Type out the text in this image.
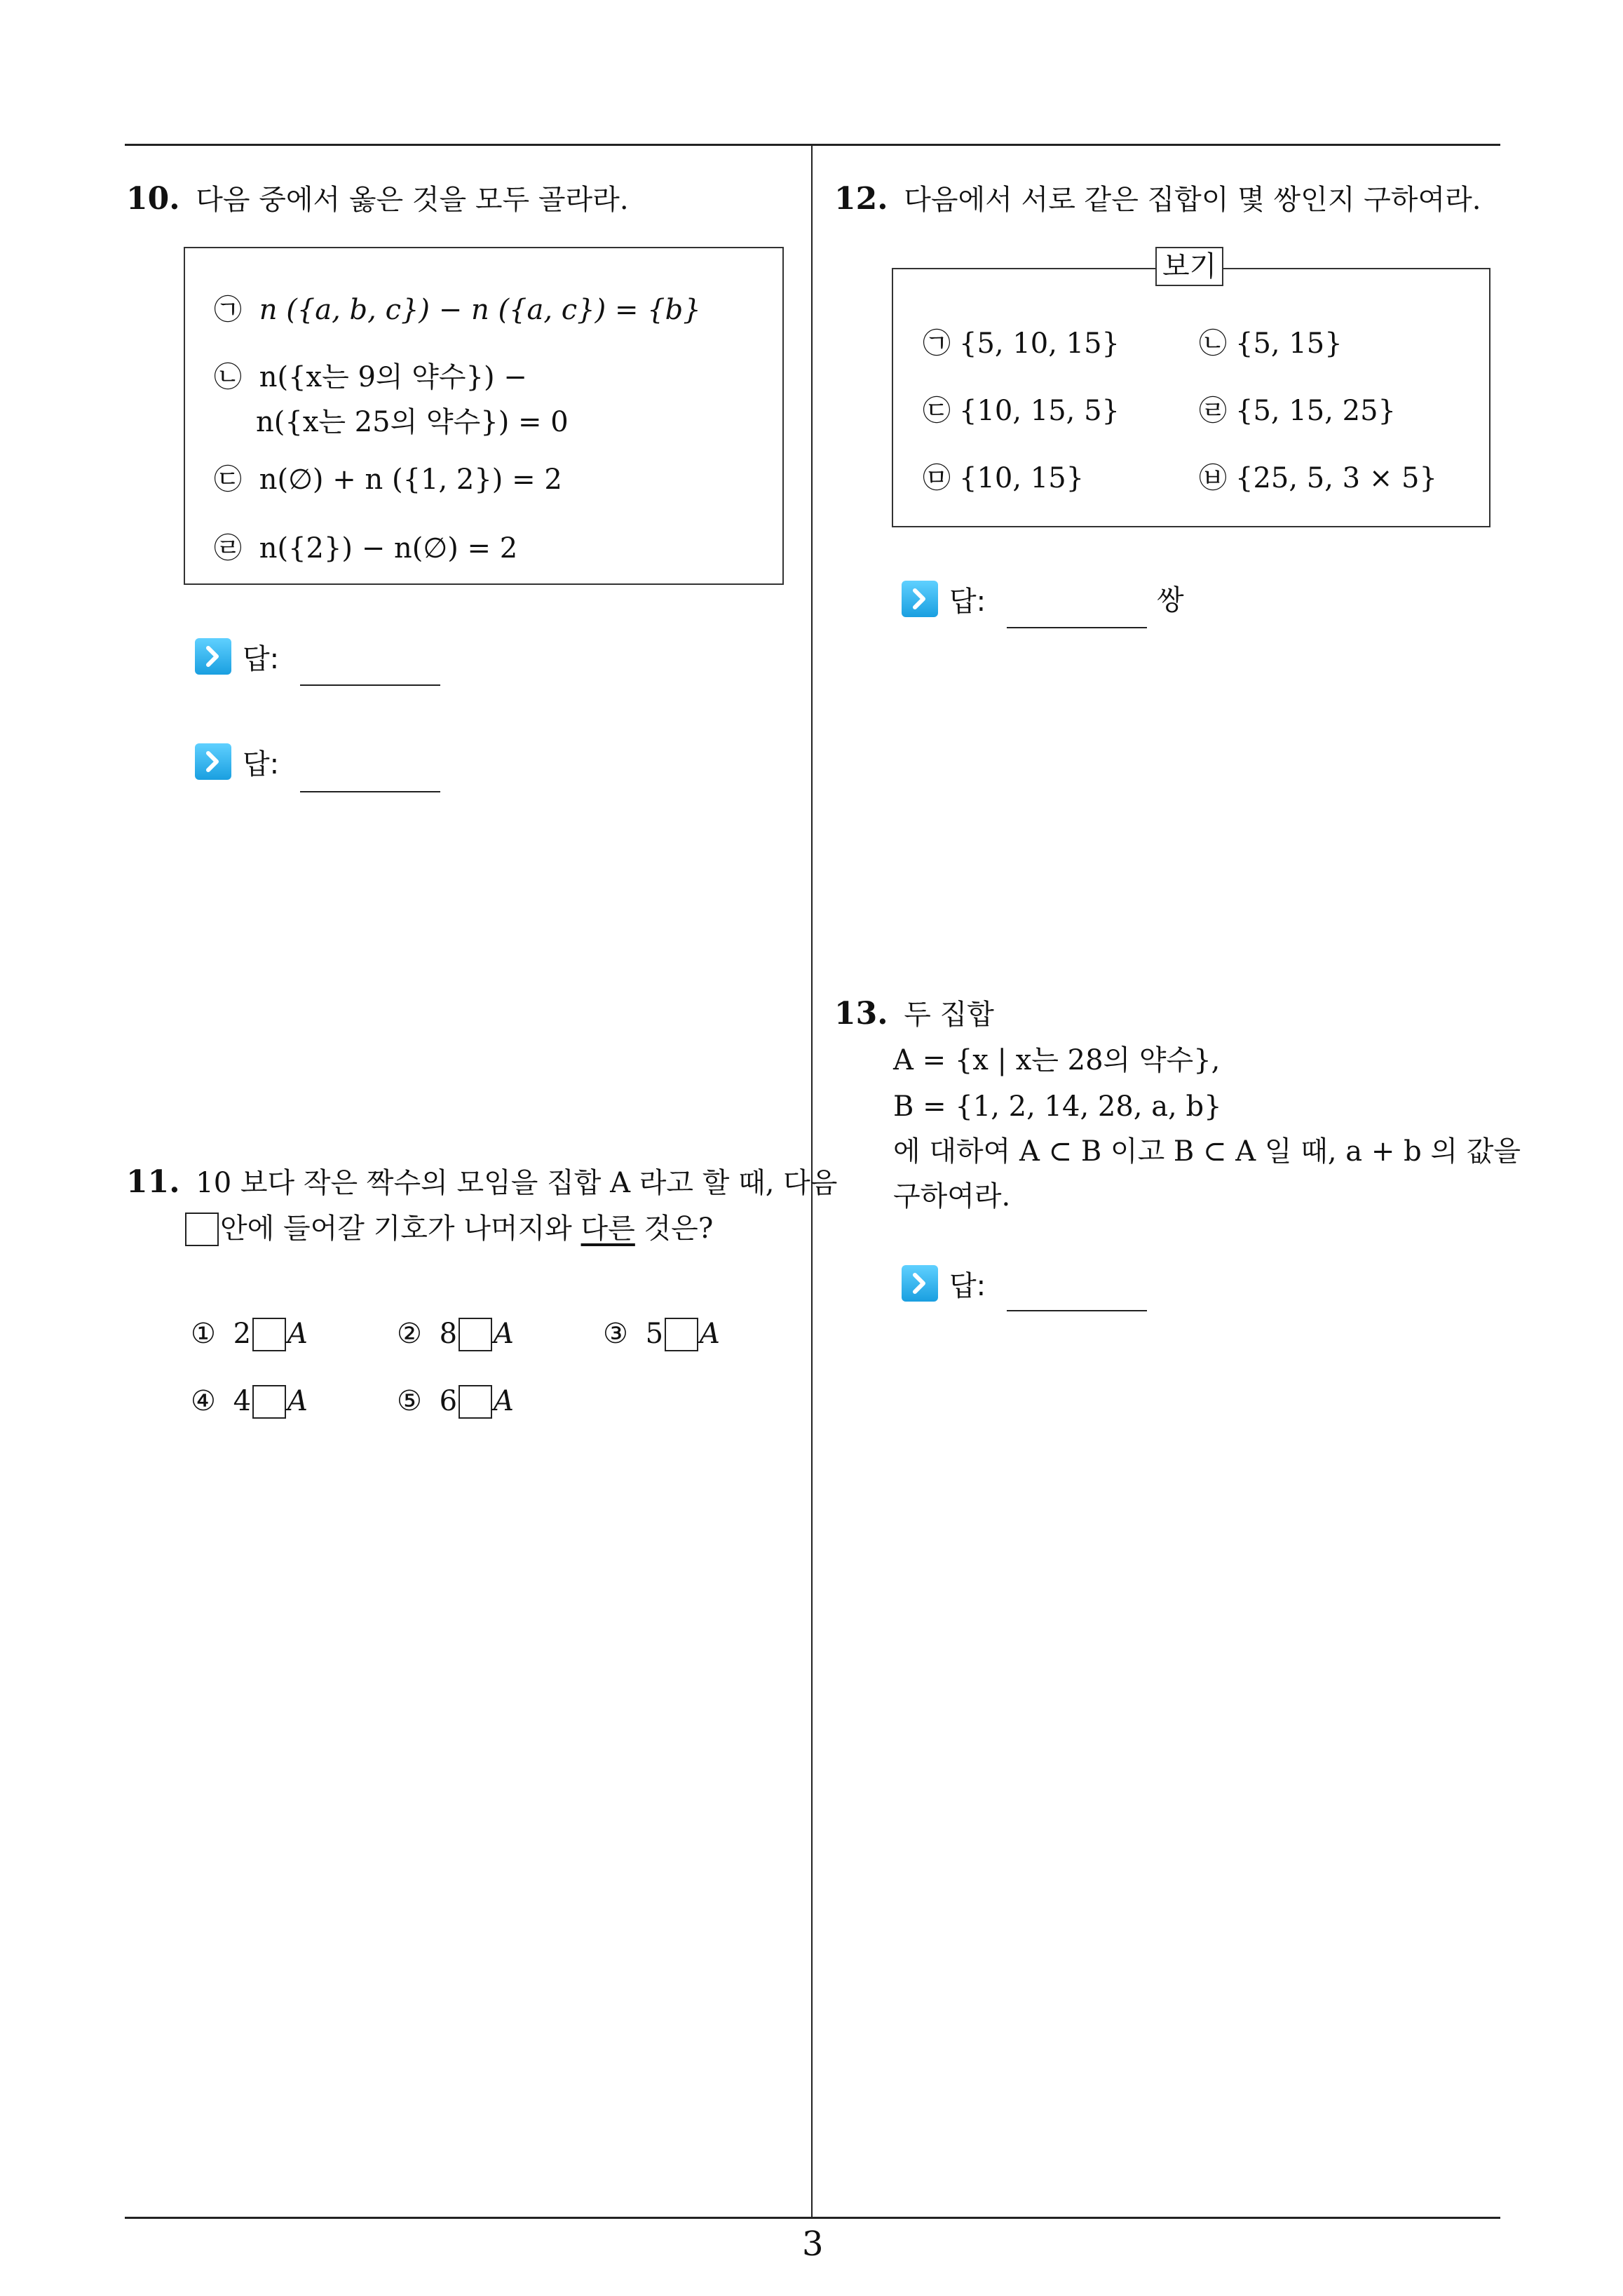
10. 다음 중에서 옳은 것을 모두 골라라.
㉠ n ({a, b, c}) − n ({a, c}) = {b}
㉡ n({x는 9의 약수}) −
n({x는 25의 약수}) = 0
㉢ n(∅) + n ({1, 2}) = 2
㉣ n({2}) − n(∅) = 2
답:
답:
11. 10 보다 작은 짝수의 모임을 집합 A 라고 할 때, 다음
안에 들어갈 기호가 나머지와 다른 것은?
① 2 A	② 8 A	③ 5 A
④ 4 A	⑤ 6 A
12. 다음에서 서로 같은 집합이 몇 쌍인지 구하여라.
보기
㉠ {5, 10, 15}	㉡ {5, 15}
㉢ {10, 15, 5}	㉣ {5, 15, 25}
㉤ {10, 15}	㉥ {25, 5, 3 × 5}
답:	쌍
13. 두 집합
A = {x | x는 28의 약수},
B = {1, 2, 14, 28, a, b}
에 대하여 A ⊂ B 이고 B ⊂ A 일 때, a + b 의 값을
구하여라.
답:
3
